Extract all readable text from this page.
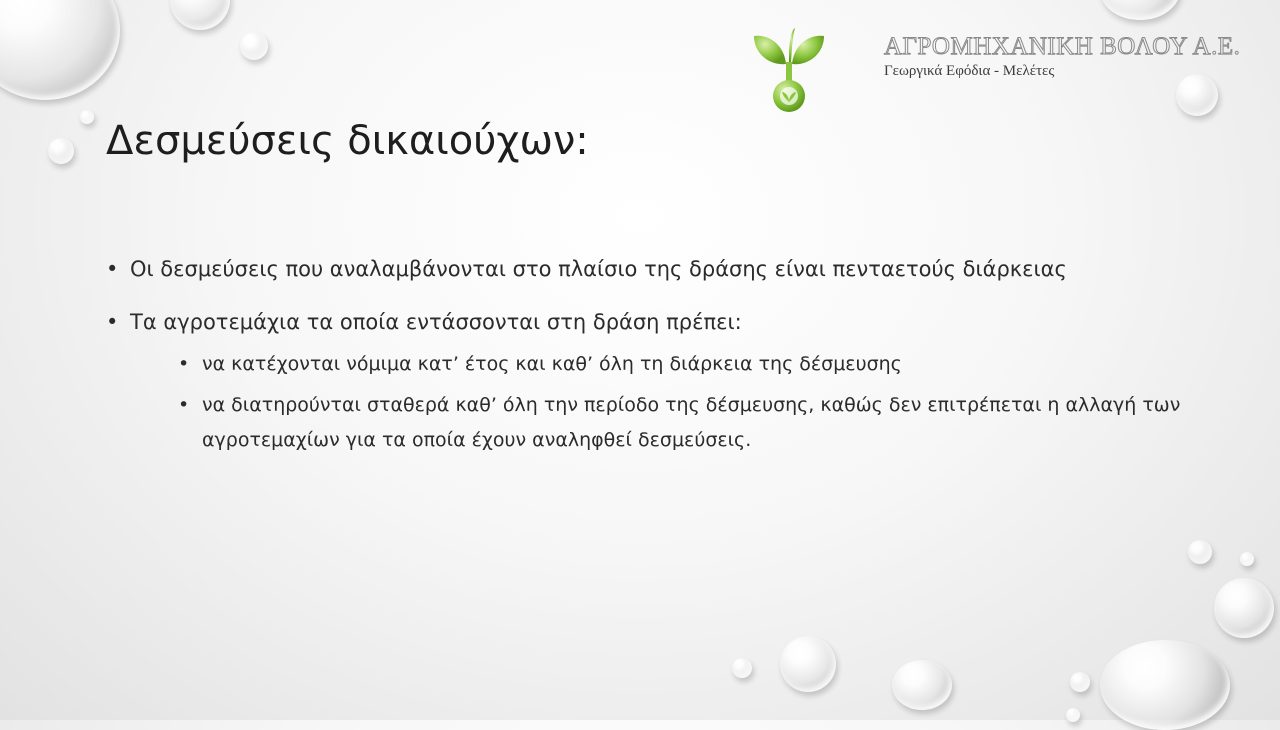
ΑΓΡΟΜΗΧΑΝΙΚΗ ΒΟΛΟΥ Α.Ε.
Γεωργικά Εφόδια - Μελέτες
Δεσμεύσεις δικαιούχων:
• Οι δεσμεύσεις που αναλαμβάνονται στο πλαίσιο της δράσης είναι πενταετούς διάρκειας
• Τα αγροτεμάχια τα οποία εντάσσονται στη δράση πρέπει:
• να κατέχονται νόμιμα κατ’ έτος και καθ’ όλη τη διάρκεια της δέσμευσης
• να διατηρούνται σταθερά καθ’ όλη την περίοδο της δέσμευσης, καθώς δεν επιτρέπεται η αλλαγή των αγροτεμαχίων για τα οποία έχουν αναληφθεί δεσμεύσεις.
